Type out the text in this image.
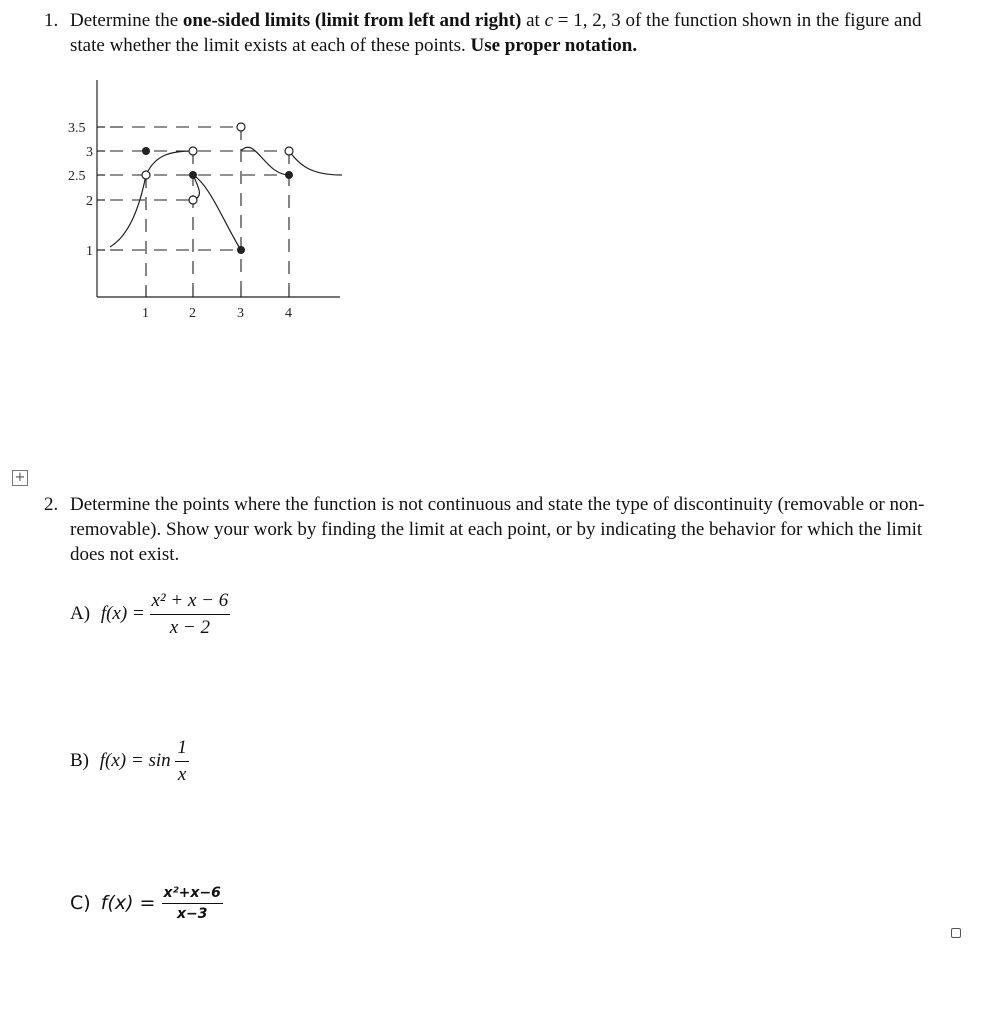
1. Determine the one-sided limits (limit from left and right) at c = 1, 2, 3 of the function shown in the figure and state whether the limit exists at each of these points. Use proper notation.
3.5
3
2.5
2
1
1	2	3	4
+
2. Determine the points where the function is not continuous and state the type of discontinuity (removable or non-removable). Show your work by finding the limit at each point, or by indicating the behavior for which the limit does not exist.
A) $f(x) = \frac{\text{x² + x − 6}}{x - 2}$
B) $f(x) = \sin \frac{1}{x}$
C) $f(x) = \frac{\text{x²+x−6}}{x-3}$
